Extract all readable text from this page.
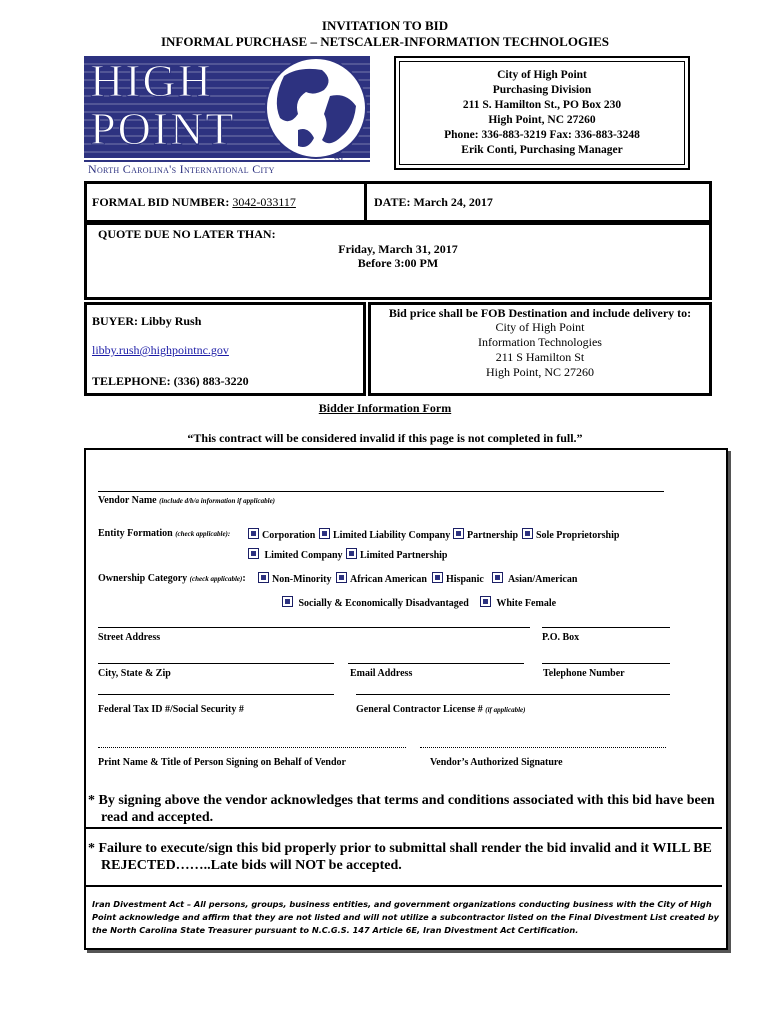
INVITATION TO BID
INFORMAL PURCHASE – NETSCALER-INFORMATION TECHNOLOGIES
HIGH
POINT
North Carolina's International City
TM
City of High Point
Purchasing Division
211 S. Hamilton St., PO Box 230
High Point, NC 27260
Phone: 336-883-3219 Fax: 336-883-3248
Erik Conti, Purchasing Manager
FORMAL BID NUMBER: 3042-033117	DATE: March 24, 2017
QUOTE DUE NO LATER THAN:
Friday, March 31, 2017
Before 3:00 PM
BUYER: Libby Rush
libby.rush@highpointnc.gov
TELEPHONE: (336) 883-3220
Bid price shall be FOB Destination and include delivery to:
City of High Point
Information Technologies
211 S Hamilton St
High Point, NC 27260
Bidder Information Form
“This contract will be considered invalid if this page is not completed in full.”
Vendor Name (include d/b/a information if applicable)
Entity Formation (check applicable):	Corporation	Limited Liability Company	Partnership	Sole Proprietorship
Limited Company	Limited Partnership
Ownership Category (check applicable):	Non-Minority	African American	Hispanic	Asian/American
Socially & Economically Disadvantaged	White Female
Street Address	P.O. Box
City, State & Zip	Email Address	Telephone Number
Federal Tax ID #/Social Security #	General Contractor License # (if applicable)
Print Name & Title of Person Signing on Behalf of Vendor	Vendor’s Authorized Signature
* By signing above the vendor acknowledges that terms and conditions associated with this bid have been
read and accepted.
* Failure to execute/sign this bid properly prior to submittal shall render the bid invalid and it WILL BE
REJECTED……..Late bids will NOT be accepted.
Iran Divestment Act – All persons, groups, business entities, and government organizations conducting business with the City of High Point acknowledge and affirm that they are not listed and will not utilize a subcontractor listed on the Final Divestment List created by the North Carolina State Treasurer pursuant to N.C.G.S. 147 Article 6E, Iran Divestment Act Certification.
